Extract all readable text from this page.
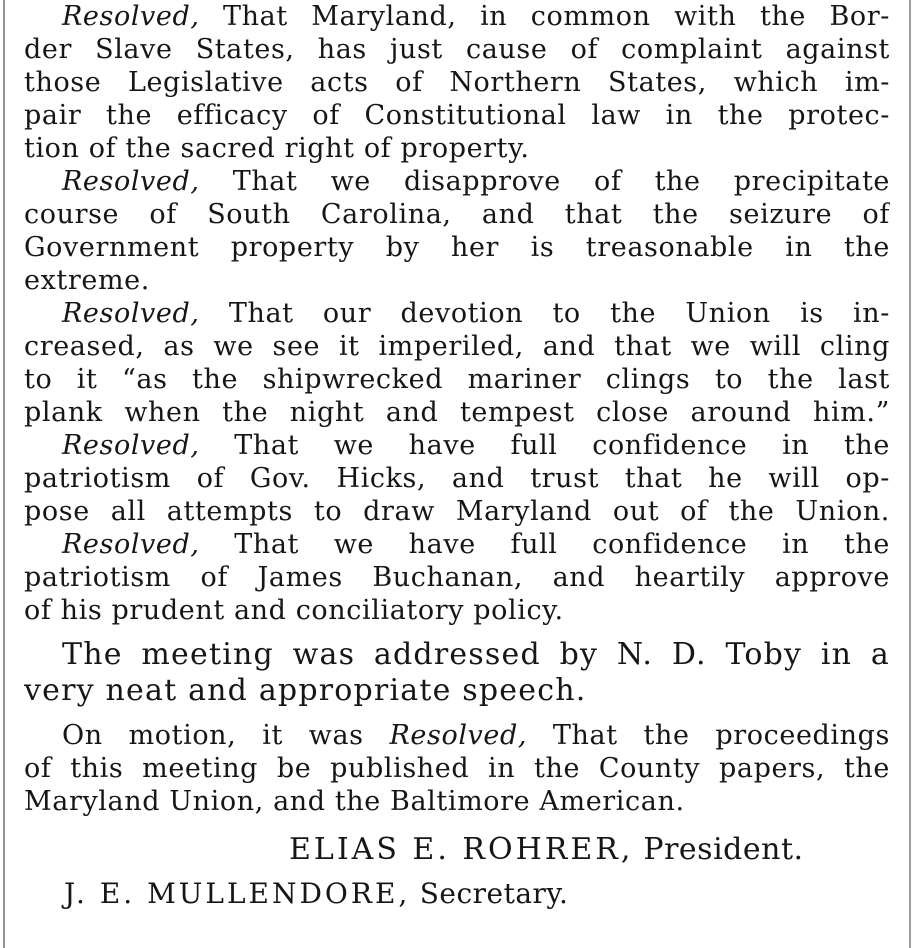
Resolved, That Maryland, in common with the Bor-
der Slave States, has just cause of complaint against
those Legislative acts of Northern States, which im-
pair the efficacy of Constitutional law in the protec-
tion of the sacred right of property.
Resolved, That we disapprove of the precipitate
course of South Carolina, and that the seizure of
Government property by her is treasonable in the
extreme.
Resolved, That our devotion to the Union is in-
creased, as we see it imperiled, and that we will cling
to it “as the shipwrecked mariner clings to the last
plank when the night and tempest close around him.”
Resolved, That we have full confidence in the
patriotism of Gov. Hicks, and trust that he will op-
pose all attempts to draw Maryland out of the Union.
Resolved, That we have full confidence in the
patriotism of James Buchanan, and heartily approve
of his prudent and conciliatory policy.
The meeting was addressed by N. D. Toby in a
very neat and appropriate speech.
On motion, it was Resolved, That the proceedings
of this meeting be published in the County papers, the
Maryland Union, and the Baltimore American.
ELIAS E. ROHRER, President.
J. E. MULLENDORE, Secretary.
